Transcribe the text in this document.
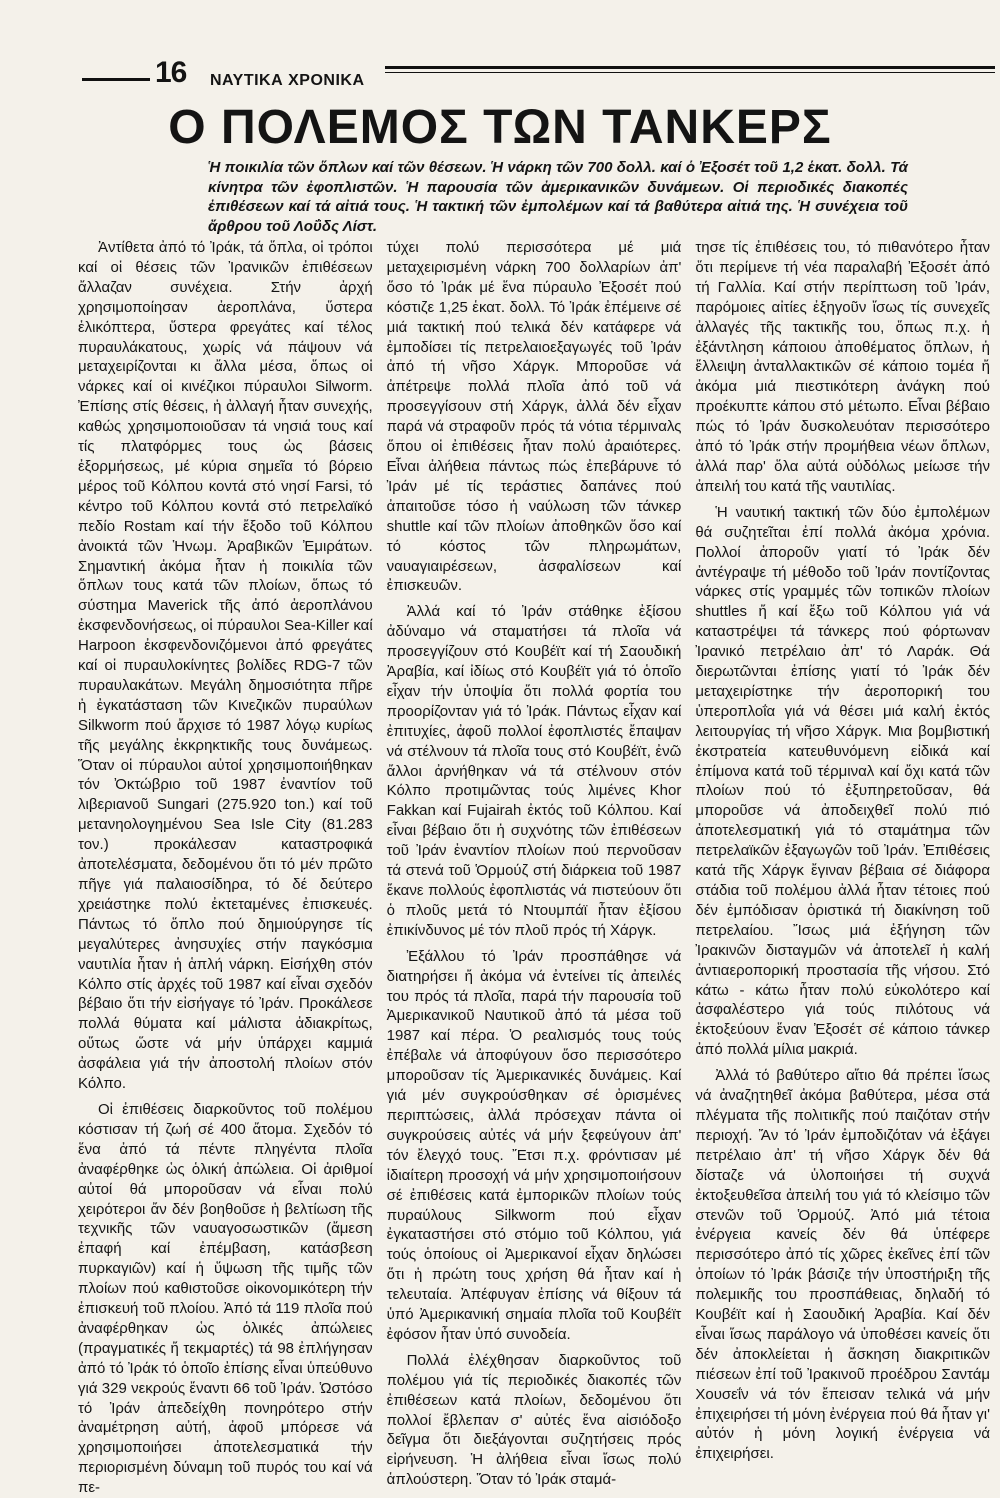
16 ΝΑΥΤΙΚΑ ΧΡΟΝΙΚΑ
Ο ΠΟΛΕΜΟΣ ΤΩΝ ΤΑΝΚΕΡΣ
Ἡ ποικιλία τῶν ὅπλων καί τῶν θέσεων. Ἡ νάρκη τῶν 700 δολλ. καί ὁ Ἐξοσέτ τοῦ 1,2 ἑκατ. δολλ. Τά κίνητρα τῶν ἐφοπλιστῶν. Ἡ παρουσία τῶν ἀμερικανικῶν δυνάμεων. Οἱ περιοδικές διακοπές ἐπιθέσεων καί τά αἰτιά τους. Ἡ τακτική τῶν ἐμπολέμων καί τά βαθύτερα αἰτιά της. Ἡ συνέχεια τοῦ ἄρθρου τοῦ Λοΰδς Λίστ.

Ἀντίθετα ἀπό τό Ἰράκ, τά ὅπλα, οἱ τρόποι καί οἱ θέσεις τῶν Ἰρανικῶν ἐπιθέσεων ἄλλαζαν συνέχεια. Στήν ἀρχή χρησιμοποίησαν ἀεροπλάνα, ὕστερα ἑλικόπτερα, ὕστερα φρεγάτες καί τέλος πυραυλάκατους, χωρίς νά πάψουν νά μεταχειρίζονται κι ἄλλα μέσα, ὅπως οἱ νάρκες καί οἱ κινέζικοι πύραυλοι Silworm. Ἐπίσης στίς θέσεις, ἡ ἀλλαγή ἦταν συνεχής, καθώς χρησιμοποιοῦσαν τά νησιά τους καί τίς πλατφόρμες τους ὡς βάσεις ἐξορμήσεως, μέ κύρια σημεῖα τό βόρειο μέρος τοῦ Κόλπου κοντά στό νησί Farsi, τό κέντρο τοῦ Κόλπου κοντά στό πετρελαϊκό πεδίο Rostam καί τήν ἔξοδο τοῦ Κόλπου ἀνοικτά τῶν Ἡνωμ. Ἀραβικῶν Ἐμιράτων. Σημαντική ἀκόμα ἦταν ἡ ποικιλία τῶν ὅπλων τους κατά τῶν πλοίων, ὅπως τό σύστημα Maverick τῆς ἀπό ἀεροπλάνου ἐκσφενδονήσεως, οἱ πύραυλοι Sea-Killer καί Harpoon ἐκσφενδονιζόμενοι ἀπό φρεγάτες καί οἱ πυραυλοκίνητες βολίδες RDG-7 τῶν πυραυλακάτων. Μεγάλη δημοσιότητα πῆρε ἡ ἐγκατάσταση τῶν Κινεζικῶν πυραύλων Silkworm πού ἄρχισε τό 1987 λόγῳ κυρίως τῆς μεγάλης ἐκκρηκτικῆς τους δυνάμεως. Ὅταν οἱ πύραυλοι αὐτοί χρησιμοποιήθηκαν τόν Ὀκτώβριο τοῦ 1987 ἐναντίον τοῦ λιβεριανοῦ Sungari (275.920 ton.) καί τοῦ μετανηολογημένου Sea Isle City (81.283 τον.) προκάλεσαν καταστροφικά ἀποτελέσματα, δεδομένου ὅτι τό μέν πρῶτο πῆγε γιά παλαιοσίδηρα, τό δέ δεύτερο χρειάστηκε πολύ ἐκτεταμένες ἐπισκευές. Πάντως τό ὅπλο πού δημιούργησε τίς μεγαλύτερες ἀνησυχίες στήν παγκόσμια ναυτιλία ἦταν ἡ ἁπλή νάρκη. Εἰσήχθη στόν Κόλπο στίς ἀρχές τοῦ 1987 καί εἶναι σχεδόν βέβαιο ὅτι τήν εἰσήγαγε τό Ἰράν. Προκάλεσε πολλά θύματα καί μάλιστα ἀδιακρίτως, οὕτως ὥστε νά μήν ὑπάρχει καμμιά ἀσφάλεια γιά τήν ἀποστολή πλοίων στόν Κόλπο.

Οἱ ἐπιθέσεις διαρκοῦντος τοῦ πολέμου κόστισαν τή ζωή σέ 400 ἄτομα. Σχεδόν τό ἕνα ἀπό τά πέντε πληγέντα πλοῖα ἀναφέρθηκε ὡς ὁλική ἀπώλεια. Οἱ ἀριθμοί αὐτοί θά μποροῦσαν νά εἶναι πολύ χειρότεροι ἄν δέν βοηθοῦσε ἡ βελτίωση τῆς τεχνικῆς τῶν ναυαγοσωστικῶν (ἄμεση ἐπαφή καί ἐπέμβαση, κατάσβεση πυρκαγιῶν) καί ἡ ὕψωση τῆς τιμῆς τῶν πλοίων πού καθιστοῦσε οἰκονομικότερη τήν ἐπισκευή τοῦ πλοίου. Ἀπό τά 119 πλοῖα πού ἀναφέρθηκαν ὡς ὁλικές ἀπώλειες (πραγματικές ἤ τεκμαρτές) τά 98 ἐπλήγησαν ἀπό τό Ἰράκ τό ὁποῖο ἐπίσης εἶναι ὑπεύθυνο γιά 329 νεκρούς ἔναντι 66 τοῦ Ἰράν. Ὡστόσο τό Ἰράν ἀπεδείχθη πονηρότερο στήν ἀναμέτρηση αὐτή, ἀφοῦ μπόρεσε νά χρησιμοποιήσει ἀποτελεσματικά τήν περιορισμένη δύναμη τοῦ πυρός του καί νά πε-

τύχει πολύ περισσότερα μέ μιά μεταχειρισμένη νάρκη 700 δολλαρίων ἀπ' ὅσο τό Ἰράκ μέ ἕνα πύραυλο Ἐξοσέτ πού κόστιζε 1,25 ἑκατ. δολλ. Τό Ἰράκ ἐπέμεινε σέ μιά τακτική πού τελικά δέν κατάφερε νά ἐμποδίσει τίς πετρελαιοεξαγωγές τοῦ Ἰράν ἀπό τή νῆσο Χάργκ. Μποροῦσε νά ἀπέτρεψε πολλά πλοῖα ἀπό τοῦ νά προσεγγίσουν στή Χάργκ, ἀλλά δέν εἶχαν παρά νά στραφοῦν πρός τά νότια τέρμιναλς ὅπου οἱ ἐπιθέσεις ἦταν πολύ ἀραιότερες. Εἶναι ἀλήθεια πάντως πώς ἐπεβάρυνε τό Ἰράν μέ τίς τεράστιες δαπάνες πού ἀπαιτοῦσε τόσο ἡ ναύλωση τῶν τάνκερ shuttle καί τῶν πλοίων ἀποθηκῶν ὅσο καί τό κόστος τῶν πληρωμάτων, ναυαγιαιρέσεων, ἀσφαλίσεων καί ἐπισκευῶν.

Ἀλλά καί τό Ἰράν στάθηκε ἐξίσου ἀδύναμο νά σταματήσει τά πλοῖα νά προσεγγίζουν στό Κουβέϊτ καί τή Σαουδική Ἀραβία, καί ἰδίως στό Κουβέϊτ γιά τό ὁποῖο εἶχαν τήν ὑποψία ὅτι πολλά φορτία του προορίζονταν γιά τό Ἰράκ. Πάντως εἶχαν καί ἐπιτυχίες, ἀφοῦ πολλοί ἐφοπλιστές ἔπαψαν νά στέλνουν τά πλοῖα τους στό Κουβέϊτ, ἐνῶ ἄλλοι ἀρνήθηκαν νά τά στέλνουν στόν Κόλπο προτιμῶντας τούς λιμένες Khor Fakkan καί Fujairah ἐκτός τοῦ Κόλπου. Καί εἶναι βέβαιο ὅτι ἡ συχνότης τῶν ἐπιθέσεων τοῦ Ἰράν ἐναντίον πλοίων πού περνοῦσαν τά στενά τοῦ Ὁρμούζ στή διάρκεια τοῦ 1987 ἔκανε πολλούς ἐφοπλιστάς νά πιστεύουν ὅτι ὁ πλοῦς μετά τό Ντουμπάϊ ἦταν ἐξίσου ἐπικίνδυνος μέ τόν πλοῦ πρός τή Χάργκ.

Ἐξάλλου τό Ἰράν προσπάθησε νά διατηρήσει ἤ ἀκόμα νά ἐντείνει τίς ἀπειλές του πρός τά πλοῖα, παρά τήν παρουσία τοῦ Ἀμερικανικοῦ Ναυτικοῦ ἀπό τά μέσα τοῦ 1987 καί πέρα. Ὁ ρεαλισμός τους τούς ἐπέβαλε νά ἀποφύγουν ὅσο περισσότερο μποροῦσαν τίς Ἀμερικανικές δυνάμεις. Καί γιά μέν συγκρούσθηκαν σέ ὁρισμένες περιπτώσεις, ἀλλά πρόσεχαν πάντα οἱ συγκρούσεις αὐτές νά μήν ξεφεύγουν ἀπ' τόν ἔλεγχό τους. Ἔτσι π.χ. φρόντισαν μέ ἰδιαίτερη προσοχή νά μήν χρησιμοποιήσουν σέ ἐπιθέσεις κατά ἐμπορικῶν πλοίων τούς πυραύλους Silkworm πού εἶχαν ἐγκαταστήσει στό στόμιο τοῦ Κόλπου, γιά τούς ὁποίους οἱ Ἀμερικανοί εἶχαν δηλώσει ὅτι ἡ πρώτη τους χρήση θά ἦταν καί ἡ τελευταία. Ἀπέφυγαν ἐπίσης νά θίξουν τά ὑπό Ἀμερικανική σημαία πλοῖα τοῦ Κουβέϊτ ἐφόσον ἦταν ὑπό συνοδεία.

Πολλά ἐλέχθησαν διαρκοῦντος τοῦ πολέμου γιά τίς περιοδικές διακοπές τῶν ἐπιθέσεων κατά πλοίων, δεδομένου ὅτι πολλοί ἔβλεπαν σ' αὐτές ἕνα αἰσιόδοξο δεῖγμα ὅτι διεξάγονται συζητήσεις πρός εἰρήνευση. Ἡ ἀλήθεια εἶναι ἴσως πολύ ἁπλούστερη. Ὅταν τό Ἰράκ σταμά-

τησε τίς ἐπιθέσεις του, τό πιθανότερο ἦταν ὅτι περίμενε τή νέα παραλαβή Ἐξοσέτ ἀπό τή Γαλλία. Καί στήν περίπτωση τοῦ Ἰράν, παρόμοιες αἰτίες ἐξηγοῦν ἴσως τίς συνεχεῖς ἀλλαγές τῆς τακτικῆς του, ὅπως π.χ. ἡ ἐξάντληση κάποιου ἀποθέματος ὅπλων, ἡ ἔλλειψη ἀνταλλακτικῶν σέ κάποιο τομέα ἤ ἀκόμα μιά πιεστικότερη ἀνάγκη πού προέκυπτε κάπου στό μέτωπο. Εἶναι βέβαιο πώς τό Ἰράν δυσκολευόταν περισσότερο ἀπό τό Ἰράκ στήν προμήθεια νέων ὅπλων, ἀλλά παρ' ὅλα αὐτά οὐδόλως μείωσε τήν ἀπειλή του κατά τῆς ναυτιλίας.

Ἡ ναυτική τακτική τῶν δύο ἐμπολέμων θά συζητεῖται ἐπί πολλά ἀκόμα χρόνια. Πολλοί ἀποροῦν γιατί τό Ἰράκ δέν ἀντέγραψε τή μέθοδο τοῦ Ἰράν ποντίζοντας νάρκες στίς γραμμές τῶν τοπικῶν πλοίων shuttles ἤ καί ἔξω τοῦ Κόλπου γιά νά καταστρέψει τά τάνκερς πού φόρτωναν Ἰρανικό πετρέλαιο ἀπ' τό Λαράκ. Θά διερωτῶνται ἐπίσης γιατί τό Ἰράκ δέν μεταχειρίστηκε τήν ἀεροπορική του ὑπεροπλοΐα γιά νά θέσει μιά καλή ἐκτός λειτουργίας τή νῆσο Χάργκ. Μια βομβιστική ἐκστρατεία κατευθυνόμενη εἰδικά καί ἐπίμονα κατά τοῦ τέρμιναλ καί ὄχι κατά τῶν πλοίων πού τό ἐξυπηρετοῦσαν, θά μποροῦσε νά ἀποδειχθεῖ πολύ πιό ἀποτελεσματική γιά τό σταμάτημα τῶν πετρελαϊκῶν ἐξαγωγῶν τοῦ Ἰράν. Ἐπιθέσεις κατά τῆς Χάργκ ἔγιναν βέβαια σέ διάφορα στάδια τοῦ πολέμου ἀλλά ἦταν τέτοιες πού δέν ἐμπόδισαν ὁριστικά τή διακίνηση τοῦ πετρελαίου. Ἴσως μιά ἐξήγηση τῶν Ἰρακινῶν δισταγμῶν νά ἀποτελεῖ ἡ καλή ἀντιαεροπορική προστασία τῆς νήσου. Στό κάτω - κάτω ἦταν πολύ εὐκολότερο καί ἀσφαλέστερο γιά τούς πιλότους νά ἐκτοξεύουν ἕναν Ἐξοσέτ σέ κάποιο τάνκερ ἀπό πολλά μίλια μακριά.

Ἀλλά τό βαθύτερο αἴτιο θά πρέπει ἴσως νά ἀναζητηθεῖ ἀκόμα βαθύτερα, μέσα στά πλέγματα τῆς πολιτικῆς πού παιζόταν στήν περιοχή. Ἄν τό Ἰράν ἐμποδιζόταν νά ἐξάγει πετρέλαιο ἀπ' τή νῆσο Χάργκ δέν θά δίσταζε νά ὑλοποιήσει τή συχνά ἐκτοξευθεῖσα ἀπειλή του γιά τό κλείσιμο τῶν στενῶν τοῦ Ὁρμούζ. Ἀπό μιά τέτοια ἐνέργεια κανείς δέν θά ὑπέφερε περισσότερο ἀπό τίς χῶρες ἐκεῖνες ἐπί τῶν ὁποίων τό Ἰράκ βάσιζε τήν ὑποστήριξη τῆς πολεμικῆς του προσπάθειας, δηλαδή τό Κουβέϊτ καί ἡ Σαουδική Ἀραβία. Καί δέν εἶναι ἴσως παράλογο νά ὑποθέσει κανείς ὅτι δέν ἀποκλείεται ἡ ἄσκηση διακριτικῶν πιέσεων ἐπί τοῦ Ἰρακινοῦ προέδρου Σαντάμ Χουσεΐν νά τόν ἔπεισαν τελικά νά μήν ἐπιχειρήσει τή μόνη ἐνέργεια πού θά ἦταν γι' αὐτόν ἡ μόνη λογική ἐνέργεια νά ἐπιχειρήσει.
